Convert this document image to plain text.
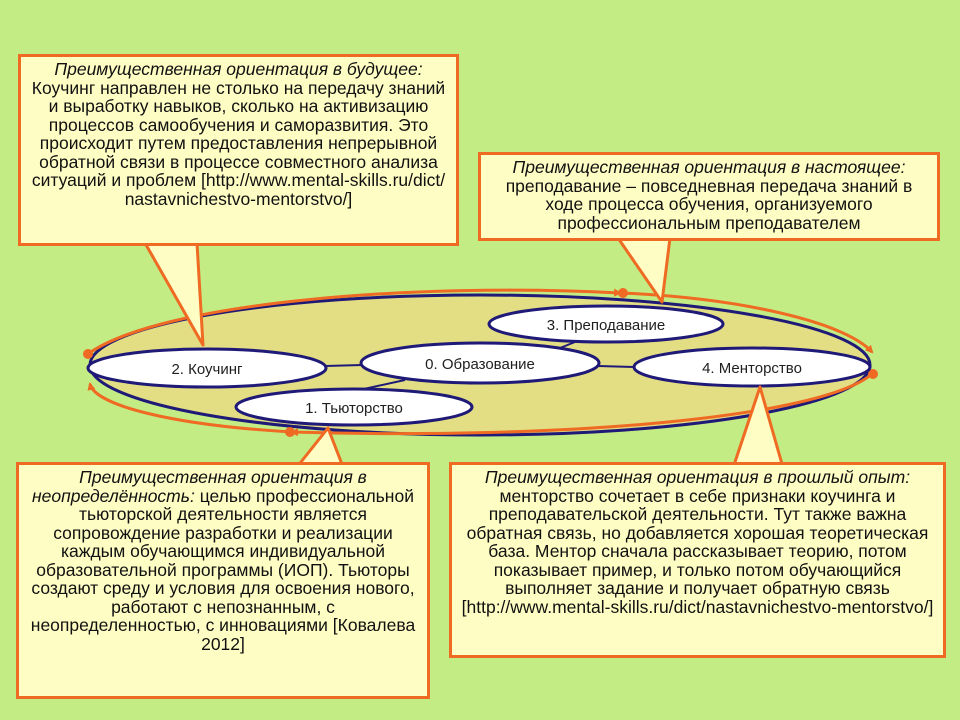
3. Преподавание
2. Коучинг	0. Образование	4. Менторство
1. Тьюторство
Преимущественная ориентация в будущее: Коучинг направлен не столько на передачу знаний и выработку навыков, сколько на активизацию процессов самообучения и саморазвития. Это происходит путем предоставления непрерывной обратной связи в процессе совместного анализа ситуаций и проблем [http://www.mental-skills.ru/dict/ nastavnichestvo-mentorstvo/]
Преимущественная ориентация в настоящее: преподавание – повседневная передача знаний в ходе процесса обучения, организуемого профессиональным преподавателем
Преимущественная ориентация в неопределённость: целью профессиональной тьюторской деятельности является сопровождение разработки и реализации каждым обучающимся индивидуальной образовательной программы (ИОП). Тьюторы создают среду и условия для освоения нового, работают с непознанным, с неопределенностью, с инновациями [Ковалева 2012]
Преимущественная ориентация в прошлый опыт: менторство сочетает в себе признаки коучинга и преподавательской деятельности. Тут также важна обратная связь, но добавляется хорошая теоретическая база. Ментор сначала рассказывает теорию, потом показывает пример, и только потом обучающийся выполняет задание и получает обратную связь [http://www.mental-skills.ru/dict/nastavnichestvo-mentorstvo/]
